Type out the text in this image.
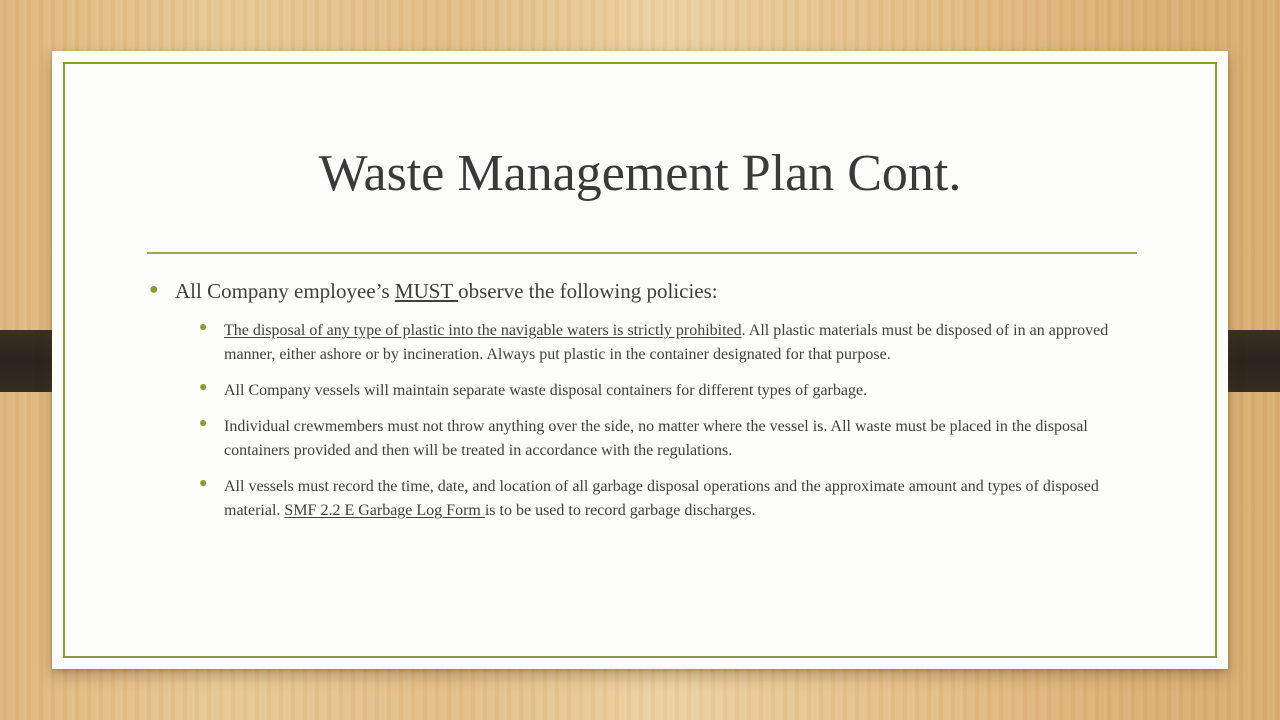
Waste Management Plan Cont.
● All Company employee’s MUST observe the following policies:
● The disposal of any type of plastic into the navigable waters is strictly prohibited. All plastic materials must be disposed of in an approved manner, either ashore or by incineration. Always put plastic in the container designated for that purpose.
● All Company vessels will maintain separate waste disposal containers for different types of garbage.
● Individual crewmembers must not throw anything over the side, no matter where the vessel is. All waste must be placed in the disposal containers provided and then will be treated in accordance with the regulations.
● All vessels must record the time, date, and location of all garbage disposal operations and the approximate amount and types of disposed material. SMF 2.2 E Garbage Log Form is to be used to record garbage discharges.
